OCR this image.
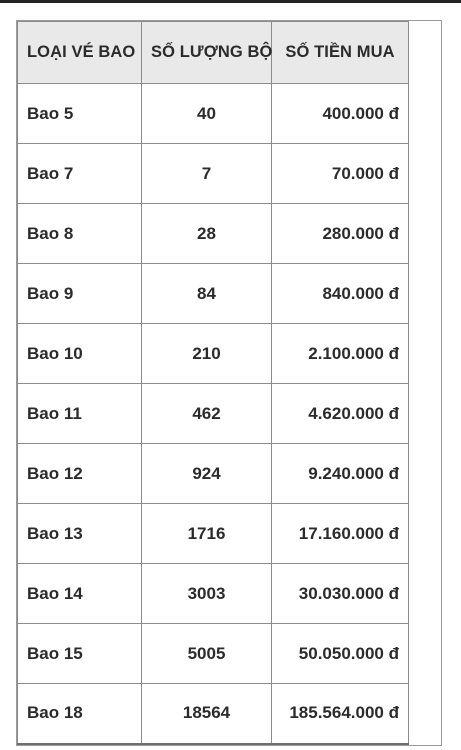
LOẠI VÉ BAO	SỐ LƯỢNG BỘ	SỐ TIỀN MUA
Bao 5	40	400.000 đ
Bao 7	7	70.000 đ
Bao 8	28	280.000 đ
Bao 9	84	840.000 đ
Bao 10	210	2.100.000 đ
Bao 11	462	4.620.000 đ
Bao 12	924	9.240.000 đ
Bao 13	1716	17.160.000 đ
Bao 14	3003	30.030.000 đ
Bao 15	5005	50.050.000 đ
Bao 18	18564	185.564.000 đ
